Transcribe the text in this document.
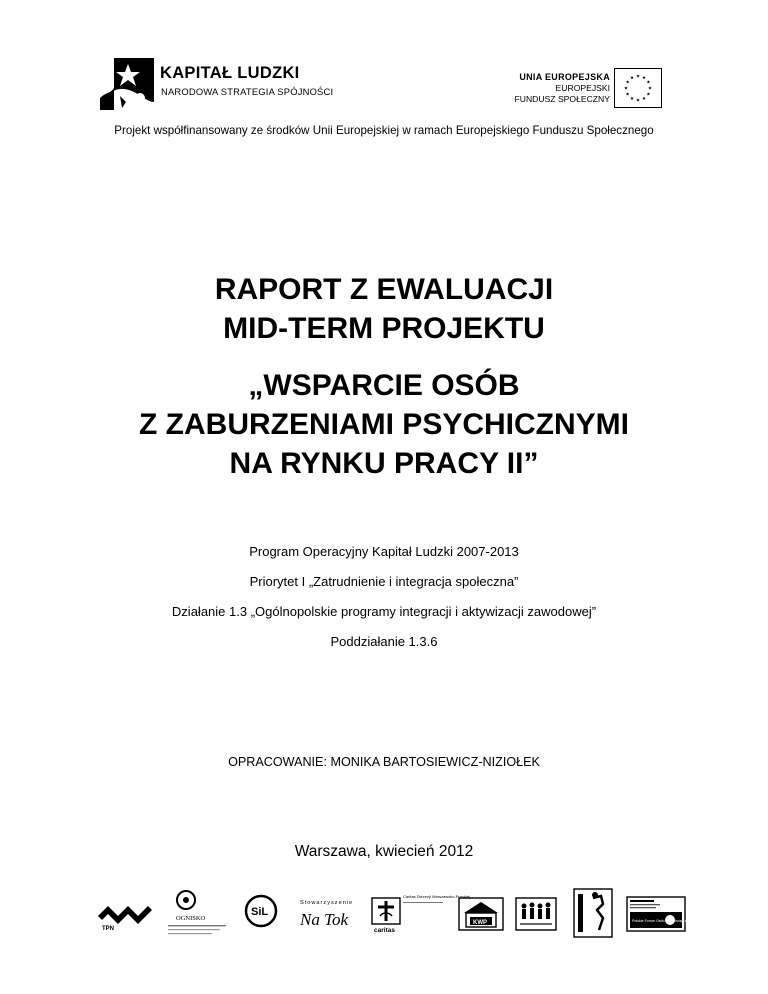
KAPITAŁ LUDZKI
NARODOWA STRATEGIA SPÓJNOŚCI
UNIA EUROPEJSKA
EUROPEJSKI
FUNDUSZ SPOŁECZNY
Projekt współfinansowany ze środków Unii Europejskiej w ramach Europejskiego Funduszu Społecznego
RAPORT Z EWALUACJI
MID-TERM PROJEKTU
„WSPARCIE OSÓB
Z ZABURZENIAMI PSYCHICZNYMI
NA RYNKU PRACY II”
Program Operacyjny Kapitał Ludzki 2007-2013
Priorytet I „Zatrudnienie i integracja społeczna”
Działanie 1.3 „Ogólnopolskie programy integracji i aktywizacji zawodowej”
Poddziałanie 1.3.6
OPRACOWANIE: MONIKA BARTOSIEWICZ-NIZIOŁEK
Warszawa, kwiecień 2012
TPN
OGNISKO
SiL
Stowarzyszenie
Na Tok
caritas
Caritas Diecezji Warszawsko-Praskiej
KWP	Polskie Forum Osób Niepełnosprawnych
